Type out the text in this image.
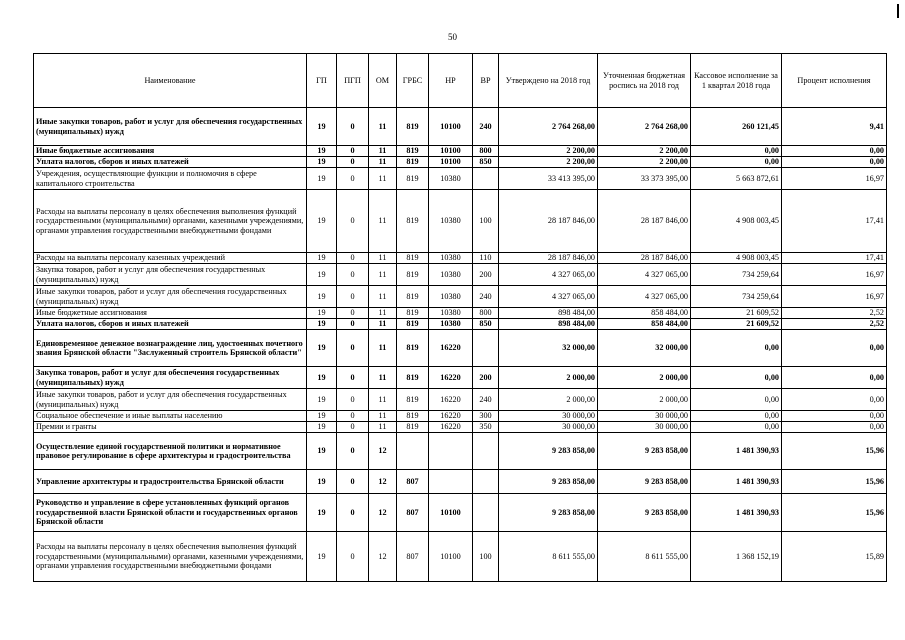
50
Наименование	ГП	ПГП	ОМ	ГРБС	НР	ВР	Утверждено на 2018 год	Уточненная бюджетная роспись на 2018 год	Кассовое исполнение за 1 квартал 2018 года	Процент исполнения
Иные закупки товаров, работ и услуг для обеспечения государственных (муниципальных) нужд	19	0	11	819	10100	240	2 764 268,00	2 764 268,00	260 121,45	9,41
Иные бюджетные ассигнования	19	0	11	819	10100	800	2 200,00	2 200,00	0,00	0,00
Уплата налогов, сборов и иных платежей	19	0	11	819	10100	850	2 200,00	2 200,00	0,00	0,00
Учреждения, осуществляющие функции и полномочия в сфере капитального строительства	19	0	11	819	10380		33 413 395,00	33 373 395,00	5 663 872,61	16,97
Расходы на выплаты персоналу в целях обеспечения выполнения функций государственными (муниципальными) органами, казенными учреждениями, органами управления государственными внебюджетными фондами	19	0	11	819	10380	100	28 187 846,00	28 187 846,00	4 908 003,45	17,41
Расходы на выплаты персоналу казенных учреждений	19	0	11	819	10380	110	28 187 846,00	28 187 846,00	4 908 003,45	17,41
Закупка товаров, работ и услуг для обеспечения государственных (муниципальных) нужд	19	0	11	819	10380	200	4 327 065,00	4 327 065,00	734 259,64	16,97
Иные закупки товаров, работ и услуг для обеспечения государственных (муниципальных) нужд	19	0	11	819	10380	240	4 327 065,00	4 327 065,00	734 259,64	16,97
Иные бюджетные ассигнования	19	0	11	819	10380	800	898 484,00	858 484,00	21 609,52	2,52
Уплата налогов, сборов и иных платежей	19	0	11	819	10380	850	898 484,00	858 484,00	21 609,52	2,52
Единовременное денежное вознаграждение лиц, удостоенных почетного звания Брянской области "Заслуженный строитель Брянской области"	19	0	11	819	16220		32 000,00	32 000,00	0,00	0,00
Закупка товаров, работ и услуг для обеспечения государственных (муниципальных) нужд	19	0	11	819	16220	200	2 000,00	2 000,00	0,00	0,00
Иные закупки товаров, работ и услуг для обеспечения государственных (муниципальных) нужд	19	0	11	819	16220	240	2 000,00	2 000,00	0,00	0,00
Социальное обеспечение и иные выплаты населению	19	0	11	819	16220	300	30 000,00	30 000,00	0,00	0,00
Премии и гранты	19	0	11	819	16220	350	30 000,00	30 000,00	0,00	0,00
Осуществление единой государственной политики и нормативное правовое регулирование в сфере архитектуры и градостроительства	19	0	12				9 283 858,00	9 283 858,00	1 481 390,93	15,96
Управление архитектуры и градостроительства Брянской области	19	0	12	807			9 283 858,00	9 283 858,00	1 481 390,93	15,96
Руководство и управление в сфере установленных функций органов государственной власти Брянской области и государственных органов Брянской области	19	0	12	807	10100		9 283 858,00	9 283 858,00	1 481 390,93	15,96
Расходы на выплаты персоналу в целях обеспечения выполнения функций государственными (муниципальными) органами, казенными учреждениями, органами управления государственными внебюджетными фондами	19	0	12	807	10100	100	8 611 555,00	8 611 555,00	1 368 152,19	15,89
